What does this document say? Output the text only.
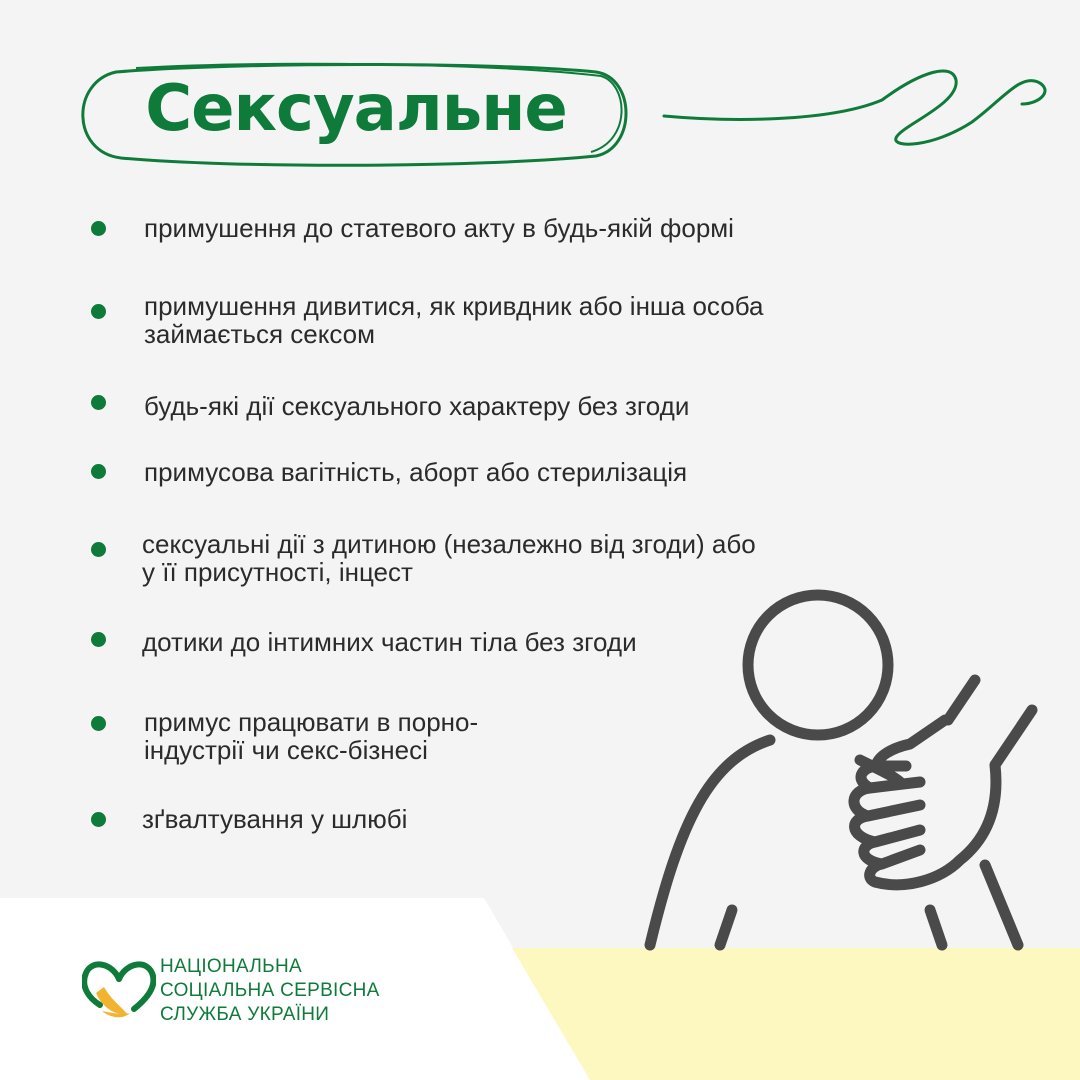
Сексуальне
примушення до статевого акту в будь-якій формі
примушення дивитися, як кривдник або інша особа
займається сексом
будь-які дії сексуального характеру без згоди
примусова вагітність, аборт або стерилізація
сексуальні дії з дитиною (незалежно від згоди) або
у її присутності, інцест
дотики до інтимних частин тіла без згоди
примус працювати в порно-
індустрії чи секс-бізнесі
зґвалтування у шлюбі
НАЦІОНАЛЬНА
СОЦІАЛЬНА СЕРВІСНА
СЛУЖБА УКРАЇНИ
